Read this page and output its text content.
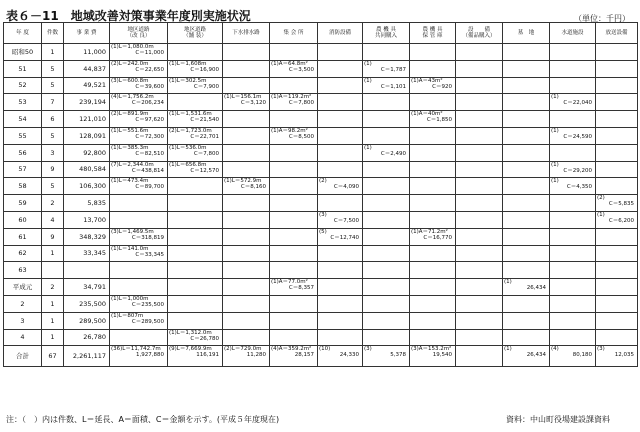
表６－11　地域改善対策事業年度別実施状況	（単位：千円）
年 度	件数	事 業 費	地区道路
（改 良）	地区道路
（舗 装）	下水排水路	集 会 所	消防設備	農 機 具
共同購入	農 機 具
保 管 庫	設　　備
（備品購入）	墓　地	水道施設	放送設備	

昭和50	1	11,000	(1)L＝1,080.0m
C＝11,000											

51	5	44,837	(2)L＝242.0m
C＝22,650	(1)L＝1,608m
C＝16,900		(1)A＝64.8m²
C＝3,500		(1)
C＝1,787						

52	5	49,521	(3)L＝600.8m
C＝39,600	(1)L＝302.5m
C＝7,900				(1)
C＝1,101	(1)A＝43m²
C＝920					

53	7	239,194	(4)L＝1,756.2m
C＝206,234		(1)L＝156.1m
C＝3,120	(1)A＝119.2m²
C＝7,800						(1)
C＝22,040		

54	6	121,010	(2)L＝891.9m
C＝97,620	(1)L＝1,531.6m
C＝21,540					(1)A＝40m²
C＝1,850					

55	5	128,091	(1)L＝551.6m
C＝72,300	(2)L＝1,723.0m
C＝22,701		(1)A＝98.2m²
C＝8,500						(1)
C＝24,590		

56	3	92,800	(1)L＝385.3m
C＝82,510	(1)L＝536.0m
C＝7,800				(1)
C＝2,490						

57	9	480,584	(7)L＝2,344.0m
C＝438,814	(1)L＝656.8m
C＝12,570								(1)
C＝29,200		

58	5	106,300	(1)L＝473.4m
C＝89,700		(1)L＝572.9m
C＝8,160		(2)
C＝4,090					(1)
C＝4,350		

59	2	5,835											(2)
C＝5,835	

60	4	13,700					(3)
C＝7,500						(1)
C＝6,200	

61	9	348,329	(3)L＝1,469.5m
C＝318,819				(5)
C＝12,740		(1)A＝71.2m²
C＝16,770					

62	1	33,345	(1)L＝141.0m
C＝33,345											

63														
平成元	2	34,791				(1)A＝77.0m²
C＝8,357					(1)
26,434			

2	1	235,500	(1)L＝1,000m
C＝235,500											

3	1	289,500	(1)L＝807m
C＝289,500											

4	1	26,780		(1)L＝1,312.0m
C＝26,780										

合計	67	2,261,117	(36)L＝11,742.7m
1,927,880	(9)L＝7,669.9m
116,191	(2)L＝729.0m
11,280	(4)A＝359.2m²
28,157	(10)
24,330	(3)
5,378	(3)A＝153.2m²
19,540		(1)
26,434	(4)
80,180	(3)
12,035	
注：（　）内は件数、L＝延長、A＝面積、C＝金額を示す。(平成５年度現在)	資料：中山町役場建設課資料
